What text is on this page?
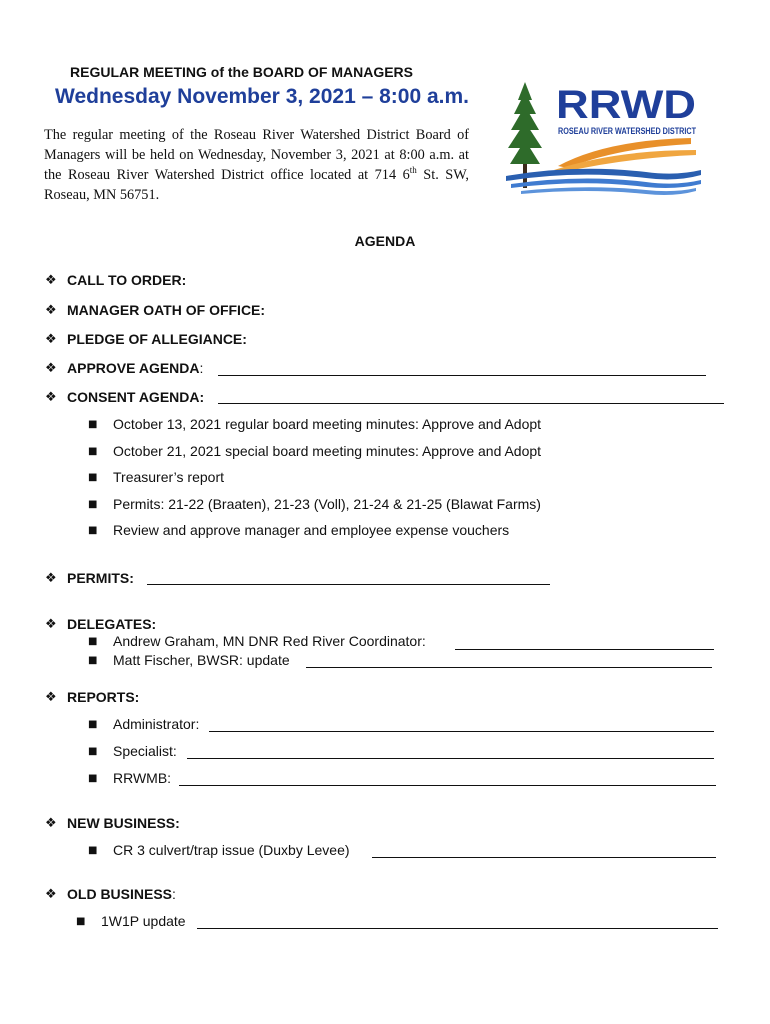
REGULAR MEETING of the BOARD OF MANAGERS
Wednesday November 3, 2021 – 8:00 a.m.
The regular meeting of the Roseau River Watershed District Board of Managers will be held on Wednesday, November 3, 2021 at 8:00 a.m. at the Roseau River Watershed District office located at 714 6th St. SW, Roseau, MN 56751.
RRWD
ROSEAU RIVER WATERSHED DISTRICT
AGENDA
❖ CALL TO ORDER:
❖ MANAGER OATH OF OFFICE:
❖ PLEDGE OF ALLEGIANCE:
❖ APPROVE AGENDA :
❖ CONSENT AGENDA:
■	October 13, 2021 regular board meeting minutes: Approve and Adopt
■	October 21, 2021 special board meeting minutes: Approve and Adopt
■	Treasurer’s report
■	Permits: 21-22 (Braaten), 21-23 (Voll), 21-24 & 21-25 (Blawat Farms)
■	Review and approve manager and employee expense vouchers
❖ PERMITS:
❖ DELEGATES:
■	Andrew Graham, MN DNR Red River Coordinator:
■	Matt Fischer, BWSR: update
❖ REPORTS:
■	Administrator:
■	Specialist:
■	RRWMB:
❖ NEW BUSINESS:
■	CR 3 culvert/trap issue (Duxby Levee)
❖ OLD BUSINESS :
■	1W1P update
